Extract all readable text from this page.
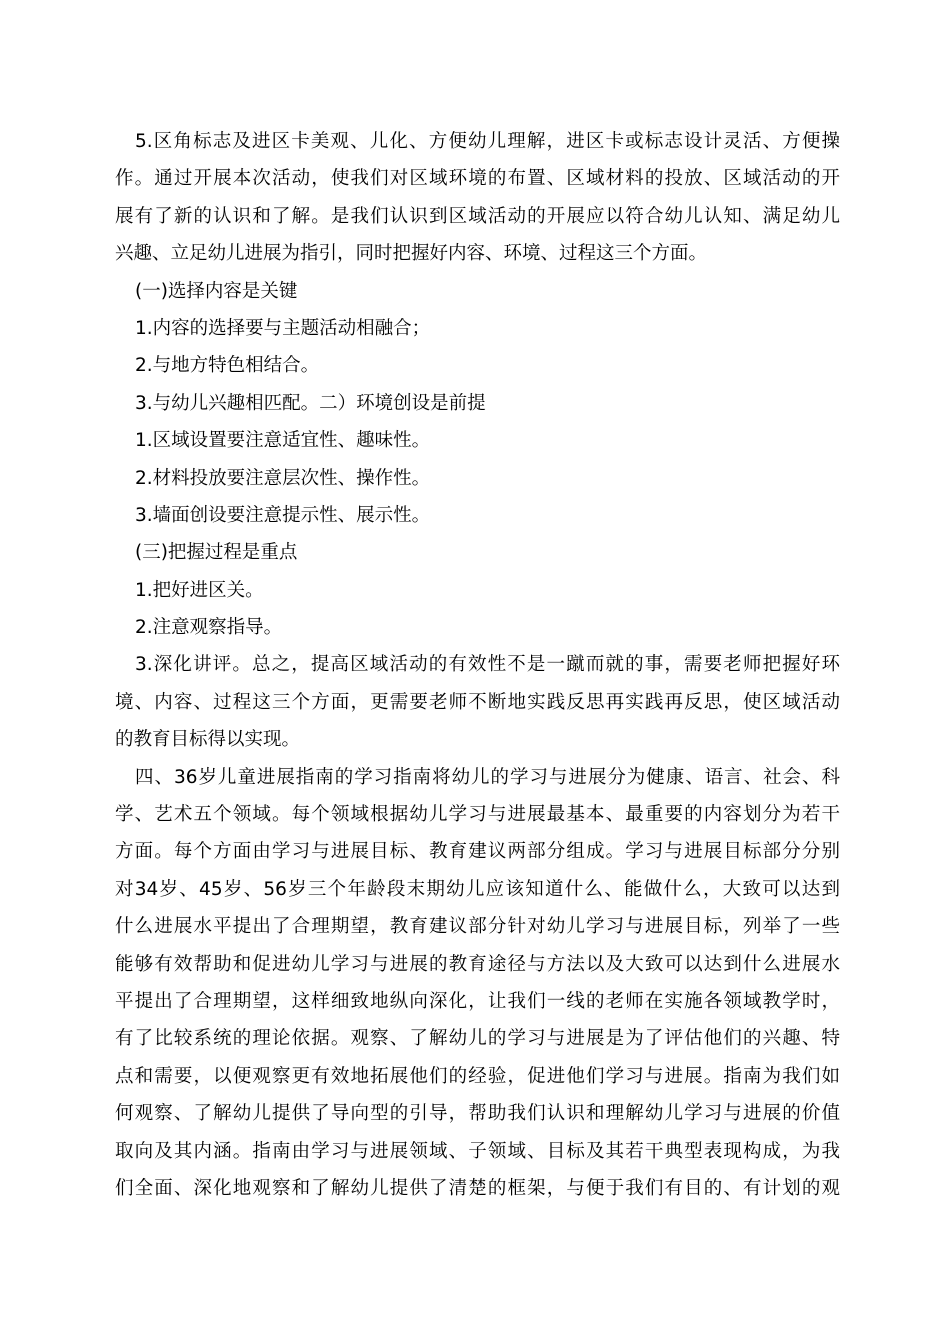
5.区角标志及进区卡美观、儿化、方便幼儿理解，进区卡或标志设计灵活、方便操
作。通过开展本次活动，使我们对区域环境的布置、区域材料的投放、区域活动的开
展有了新的认识和了解。是我们认识到区域活动的开展应以符合幼儿认知、满足幼儿
兴趣、立足幼儿进展为指引，同时把握好内容、环境、过程这三个方面。
(一)选择内容是关键
1.内容的选择要与主题活动相融合；
2.与地方特色相结合。
3.与幼儿兴趣相匹配。二）环境创设是前提
1.区域设置要注意适宜性、趣味性。
2.材料投放要注意层次性、操作性。
3.墙面创设要注意提示性、展示性。
(三)把握过程是重点
1.把好进区关。
2.注意观察指导。
3.深化讲评。总之，提高区域活动的有效性不是一蹴而就的事，需要老师把握好环
境、内容、过程这三个方面，更需要老师不断地实践反思再实践再反思，使区域活动
的教育目标得以实现。
四、36岁儿童进展指南的学习指南将幼儿的学习与进展分为健康、语言、社会、科
学、艺术五个领域。每个领域根据幼儿学习与进展最基本、最重要的内容划分为若干
方面。每个方面由学习与进展目标、教育建议两部分组成。学习与进展目标部分分别
对34岁、45岁、56岁三个年龄段末期幼儿应该知道什么、能做什么，大致可以达到
什么进展水平提出了合理期望，教育建议部分针对幼儿学习与进展目标，列举了一些
能够有效帮助和促进幼儿学习与进展的教育途径与方法以及大致可以达到什么进展水
平提出了合理期望，这样细致地纵向深化，让我们一线的老师在实施各领域教学时，
有了比较系统的理论依据。观察、了解幼儿的学习与进展是为了评估他们的兴趣、特
点和需要，以便观察更有效地拓展他们的经验，促进他们学习与进展。指南为我们如
何观察、了解幼儿提供了导向型的引导，帮助我们认识和理解幼儿学习与进展的价值
取向及其内涵。指南由学习与进展领域、子领域、目标及其若干典型表现构成，为我
们全面、深化地观察和了解幼儿提供了清楚的框架，与便于我们有目的、有计划的观
